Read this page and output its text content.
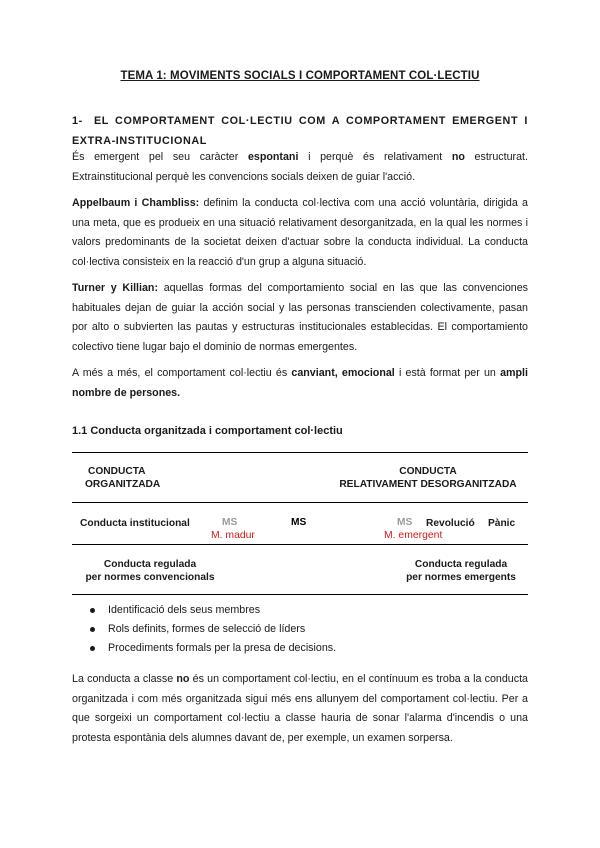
TEMA 1: MOVIMENTS SOCIALS I COMPORTAMENT COL·LECTIU
1- EL COMPORTAMENT COL·LECTIU COM A COMPORTAMENT EMERGENT I EXTRA-INSTITUCIONAL
És emergent pel seu caràcter espontani i perquè és relativament no estructurat. Extrainstitucional perquè les convencions socials deixen de guiar l'acció.
Appelbaum i Chambliss: definim la conducta col·lectiva com una acció voluntària, dirigida a una meta, que es produeix en una situació relativament desorganitzada, en la qual les normes i valors predominants de la societat deixen d'actuar sobre la conducta individual. La conducta col·lectiva consisteix en la reacció d'un grup a alguna situació.
Turner y Killian: aquellas formas del comportamiento social en las que las convenciones habituales dejan de guiar la acción social y las personas transcienden colectivamente, pasan por alto o subvierten las pautas y estructuras institucionales establecidas. El comportamiento colectivo tiene lugar bajo el dominio de normas emergentes.
A més a més, el comportament col·lectiu és canviant, emocional i està format per un ampli nombre de persones.
1.1 Conducta organitzada i comportament col·lectiu
CONDUCTA
ORGANITZADA
CONDUCTA
RELATIVAMENT DESORGANITZADA
Conducta institucional	MS	MS	MS Revolució Pànic
M. madur	M. emergent
Conducta regulada
per normes convencionals
Conducta regulada
per normes emergents
Identificació dels seus membres
Rols definits, formes de selecció de líders
Procediments formals per la presa de decisions.
La conducta a classe no és un comportament col·lectiu, en el contínuum es troba a la conducta organitzada i com més organitzada sigui més ens allunyem del comportament col·lectiu. Per a que sorgeixi un comportament col·lectiu a classe hauria de sonar l'alarma d'incendis o una protesta espontània dels alumnes davant de, per exemple, un examen sorpersa.
